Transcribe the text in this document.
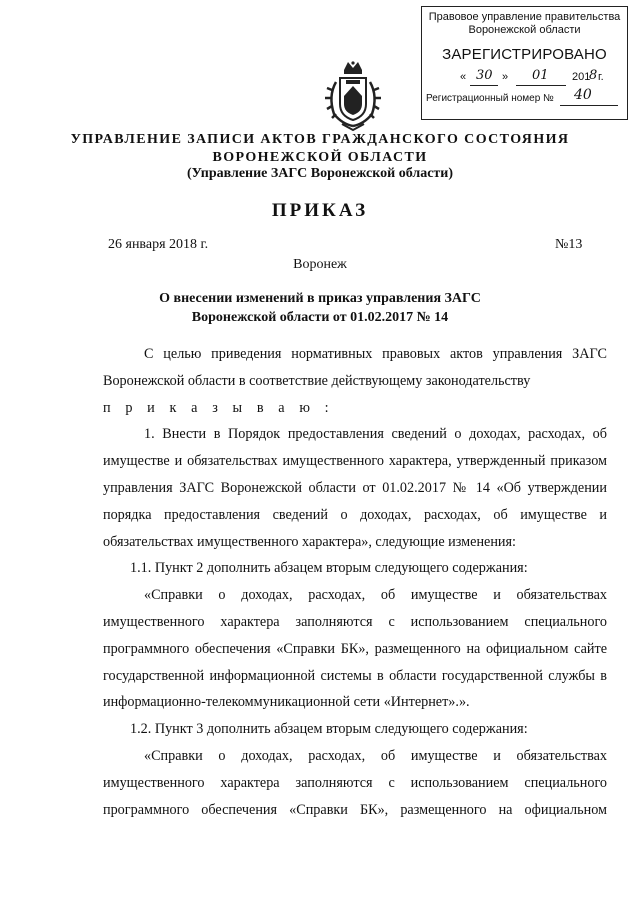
Правовое управление правительства
Воронежской области
ЗАРЕГИСТРИРОВАНО
« 30 » 01 201
8 г.
Регистрационный номер № 40
УПРАВЛЕНИЕ ЗАПИСИ АКТОВ ГРАЖДАНСКОГО СОСТОЯНИЯ
ВОРОНЕЖСКОЙ ОБЛАСТИ
(Управление ЗАГС Воронежской области)
ПРИКАЗ
26 января 2018 г.	№13
Воронеж
О внесении изменений в приказ управления ЗАГС
Воронежской области от 01.02.2017 № 14

С целью приведения нормативных правовых актов управления ЗАГС Воронежской области в соответствие действующему законодательству

п р и к а з ы в а ю :

1. Внести в Порядок предоставления сведений о доходах, расходах, об имуществе и обязательствах имущественного характера, утвержденный приказом управления ЗАГС Воронежской области от 01.02.2017 № 14 «Об утверждении порядка предоставления сведений о доходах, расходах, об имуществе и обязательствах имущественного характера», следующие изменения:

1.1. Пункт 2 дополнить абзацем вторым следующего содержания:

«Справки о доходах, расходах, об имуществе и обязательствах имущественного характера заполняются с использованием специального программного обеспечения «Справки БК», размещенного на официальном сайте государственной информационной системы в области государственной службы в информационно-телекоммуникационной сети «Интернет».».

1.2. Пункт 3 дополнить абзацем вторым следующего содержания:

«Справки о доходах, расходах, об имуществе и обязательствах имущественного характера заполняются с использованием специального программного обеспечения «Справки БК», размещенного на официальном
